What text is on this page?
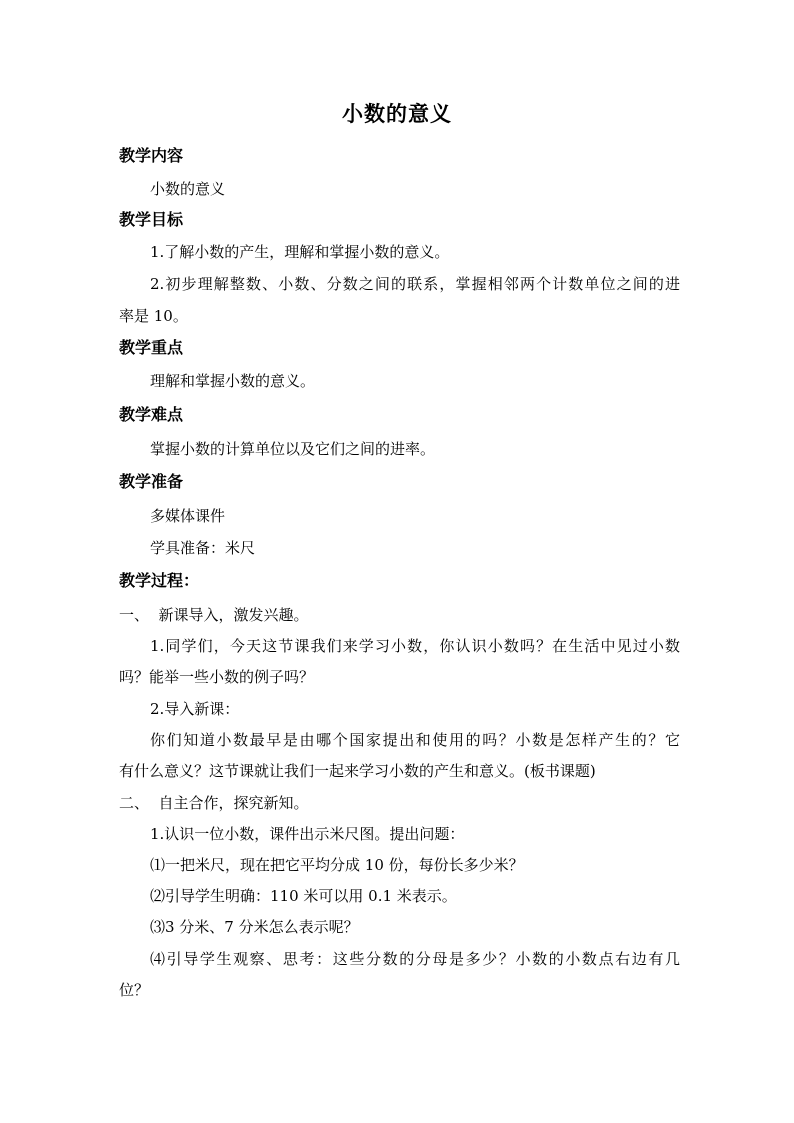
小数的意义
教学内容
小数的意义
教学目标
1.了解小数的产生，理解和掌握小数的意义。
2.初步理解整数、小数、分数之间的联系，掌握相邻两个计数单位之间的进
率是 10。
教学重点
理解和掌握小数的意义。
教学难点
掌握小数的计算单位以及它们之间的进率。
教学准备
多媒体课件
学具准备：米尺
教学过程：
一、  新课导入，激发兴趣。
1.同学们，今天这节课我们来学习小数，你认识小数吗？在生活中见过小数
吗？能举一些小数的例子吗？
2.导入新课：
你们知道小数最早是由哪个国家提出和使用的吗？小数是怎样产生的？它
有什么意义？这节课就让我们一起来学习小数的产生和意义。(板书课题)
二、  自主合作，探究新知。
1.认识一位小数，课件出示米尺图。提出问题：
⑴一把米尺，现在把它平均分成 10 份，每份长多少米？
⑵引导学生明确：110 米可以用 0.1 米表示。
⑶3 分米、7 分米怎么表示呢？
⑷引导学生观察、思考：这些分数的分母是多少？小数的小数点右边有几
位？
